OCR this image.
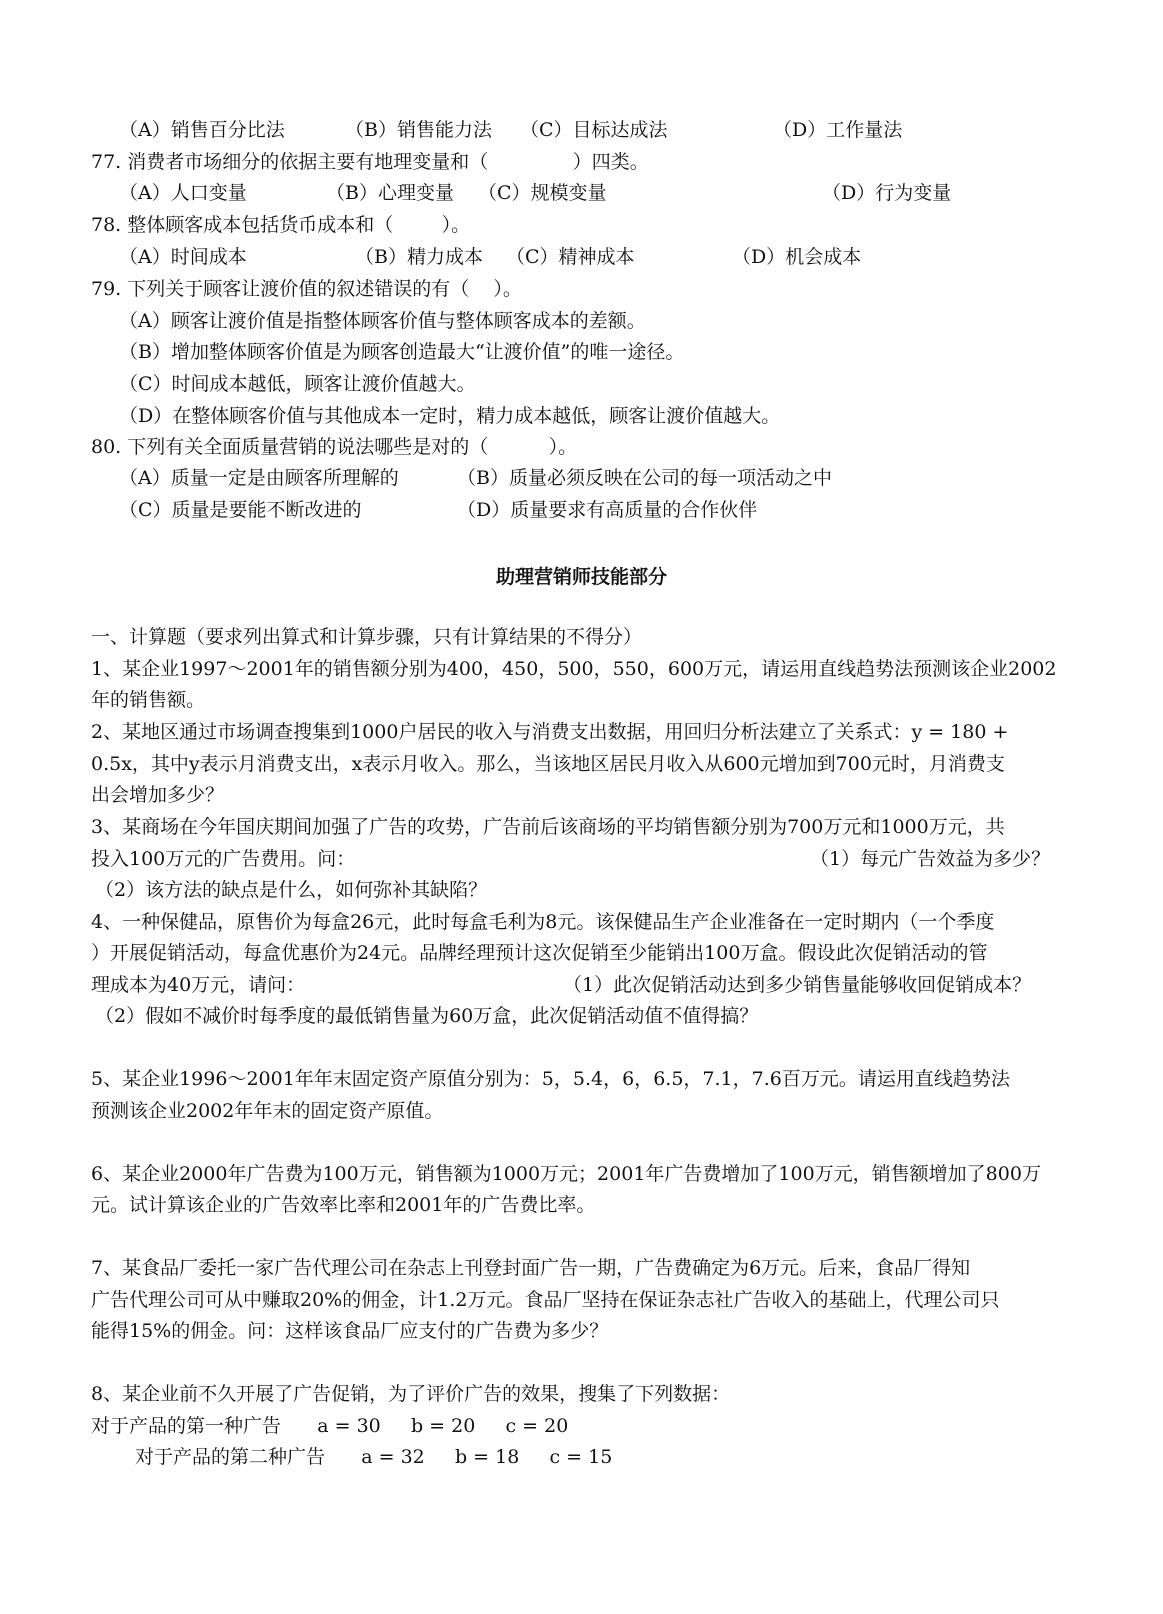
（A）销售百分比法	（B）销售能力法 （C）目标达成法	（D）工作量法
77. 消费者市场细分的依据主要有地理变量和（              ）四类。
（A）人口变量	（B）心理变量 （C）规模变量	（D）行为变量
78. 整体顾客成本包括货币成本和（        ）。
（A）时间成本	（B）精力成本 （C）精神成本	（D）机会成本
79. 下列关于顾客让渡价值的叙述错误的有（    ）。
（A）顾客让渡价值是指整体顾客价值与整体顾客成本的差额。
（B）增加整体顾客价值是为顾客创造最大“让渡价值”的唯一途径。
（C）时间成本越低，顾客让渡价值越大。
（D）在整体顾客价值与其他成本一定时，精力成本越低，顾客让渡价值越大。
80. 下列有关全面质量营销的说法哪些是对的（          ）。
（A）质量一定是由顾客所理解的	（B）质量必须反映在公司的每一项活动之中
（C）质量是要能不断改进的	（D）质量要求有高质量的合作伙伴
助理营销师技能部分
一、计算题（要求列出算式和计算步骤，只有计算结果的不得分）
1、某企业1997～2001年的销售额分别为400，450，500，550，600万元，请运用直线趋势法预测该企业2002
年的销售额。
2、某地区通过市场调查搜集到1000户居民的收入与消费支出数据，用回归分析法建立了关系式：y = 180 +
0.5x，其中y表示月消费支出，x表示月收入。那么，当该地区居民月收入从600元增加到700元时，月消费支
出会增加多少？
3、某商场在今年国庆期间加强了广告的攻势，广告前后该商场的平均销售额分别为700万元和1000万元，共
投入100万元的广告费用。问：	（1）每元广告效益为多少？
（2）该方法的缺点是什么，如何弥补其缺陷？
4、一种保健品，原售价为每盒26元，此时每盒毛利为8元。该保健品生产企业准备在一定时期内（一个季度
）开展促销活动，每盒优惠价为24元。品牌经理预计这次促销至少能销出100万盒。假设此次促销活动的管
理成本为40万元，请问：	（1）此次促销活动达到多少销售量能够收回促销成本？
（2）假如不减价时每季度的最低销售量为60万盒，此次促销活动值不值得搞？
5、某企业1996～2001年年末固定资产原值分别为：5，5.4，6，6.5，7.1，7.6百万元。请运用直线趋势法
预测该企业2002年年末的固定资产原值。
6、某企业2000年广告费为100万元，销售额为1000万元；2001年广告费增加了100万元，销售额增加了800万
元。试计算该企业的广告效率比率和2001年的广告费比率。
7、某食品厂委托一家广告代理公司在杂志上刊登封面广告一期，广告费确定为6万元。后来，食品厂得知
广告代理公司可从中赚取20%的佣金，计1.2万元。食品厂坚持在保证杂志社广告收入的基础上，代理公司只
能得15%的佣金。问：这样该食品厂应支付的广告费为多少？
8、某企业前不久开展了广告促销，为了评价广告的效果，搜集了下列数据：
对于产品的第一种广告      a = 30     b = 20     c = 20
对于产品的第二种广告      a = 32     b = 18     c = 15
